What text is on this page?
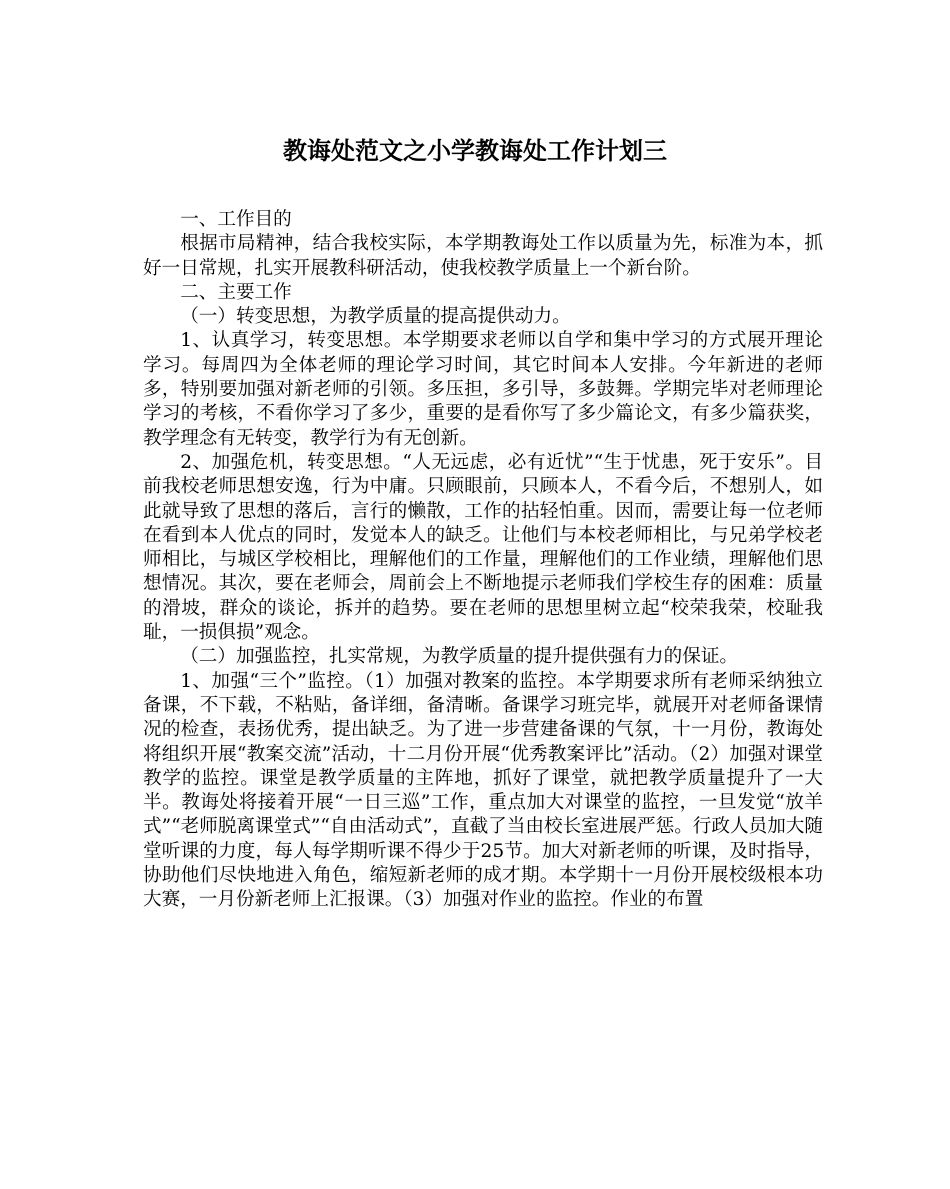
教诲处范文之小学教诲处工作计划三

一、工作目的

根据市局精神，结合我校实际，本学期教诲处工作以质量为先，标准为本，抓好一日常规，扎实开展教科研活动，使我校教学质量上一个新台阶。

二、主要工作

（一）转变思想，为教学质量的提高提供动力。

1、认真学习，转变思想。本学期要求老师以自学和集中学习的方式展开理论学习。每周四为全体老师的理论学习时间，其它时间本人安排。今年新进的老师多，特别要加强对新老师的引领。多压担，多引导，多鼓舞。学期完毕对老师理论学习的考核，不看你学习了多少，重要的是看你写了多少篇论文，有多少篇获奖，教学理念有无转变，教学行为有无创新。

2、加强危机，转变思想。“人无远虑，必有近忧”“生于忧患，死于安乐”。目前我校老师思想安逸，行为中庸。只顾眼前，只顾本人，不看今后，不想别人，如此就导致了思想的落后，言行的懒散，工作的拈轻怕重。因而，需要让每一位老师在看到本人优点的同时，发觉本人的缺乏。让他们与本校老师相比，与兄弟学校老师相比，与城区学校相比，理解他们的工作量，理解他们的工作业绩，理解他们思想情况。其次，要在老师会，周前会上不断地提示老师我们学校生存的困难：质量的滑坡，群众的谈论，拆并的趋势。要在老师的思想里树立起“校荣我荣，校耻我耻，一损俱损”观念。

（二）加强监控，扎实常规，为教学质量的提升提供强有力的保证。

1、加强“三个”监控。（1）加强对教案的监控。本学期要求所有老师采纳独立备课，不下载，不粘贴，备详细，备清晰。备课学习班完毕，就展开对老师备课情况的检查，表扬优秀，提出缺乏。为了进一步营建备课的气氛，十一月份，教诲处将组织开展“教案交流”活动，十二月份开展“优秀教案评比”活动。（2）加强对课堂教学的监控。课堂是教学质量的主阵地，抓好了课堂，就把教学质量提升了一大半。教诲处将接着开展“一日三巡”工作，重点加大对课堂的监控，一旦发觉“放羊式”“老师脱离课堂式”“自由活动式”，直截了当由校长室进展严惩。行政人员加大随堂听课的力度，每人每学期听课不得少于25节。加大对新老师的听课，及时指导，协助他们尽快地进入角色，缩短新老师的成才期。本学期十一月份开展校级根本功大赛，一月份新老师上汇报课。（3）加强对作业的监控。作业的布置
